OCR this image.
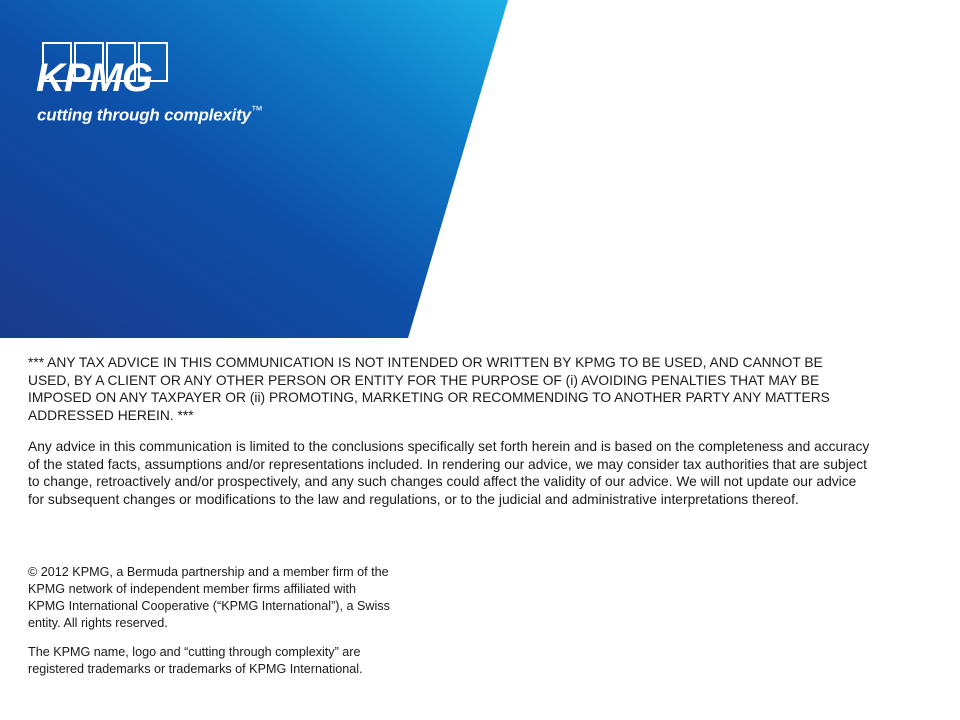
KPMG
cutting through complexity™

*** ANY TAX ADVICE IN THIS COMMUNICATION IS NOT INTENDED OR WRITTEN BY KPMG TO BE USED, AND CANNOT BE USED, BY A CLIENT OR ANY OTHER PERSON OR ENTITY FOR THE PURPOSE OF (i) AVOIDING PENALTIES THAT MAY BE IMPOSED ON ANY TAXPAYER OR (ii) PROMOTING, MARKETING OR RECOMMENDING TO ANOTHER PARTY ANY MATTERS ADDRESSED HEREIN. ***

Any advice in this communication is limited to the conclusions specifically set forth herein and is based on the completeness and accuracy of the stated facts, assumptions and/or representations included. In rendering our advice, we may consider tax authorities that are subject to change, retroactively and/or prospectively, and any such changes could affect the validity of our advice. We will not update our advice for subsequent changes or modifications to the law and regulations, or to the judicial and administrative interpretations thereof.

© 2012 KPMG, a Bermuda partnership and a member firm of the KPMG network of independent member firms affiliated with KPMG International Cooperative (“KPMG International”), a Swiss entity. All rights reserved.

The KPMG name, logo and “cutting through complexity” are registered trademarks or trademarks of KPMG International.
